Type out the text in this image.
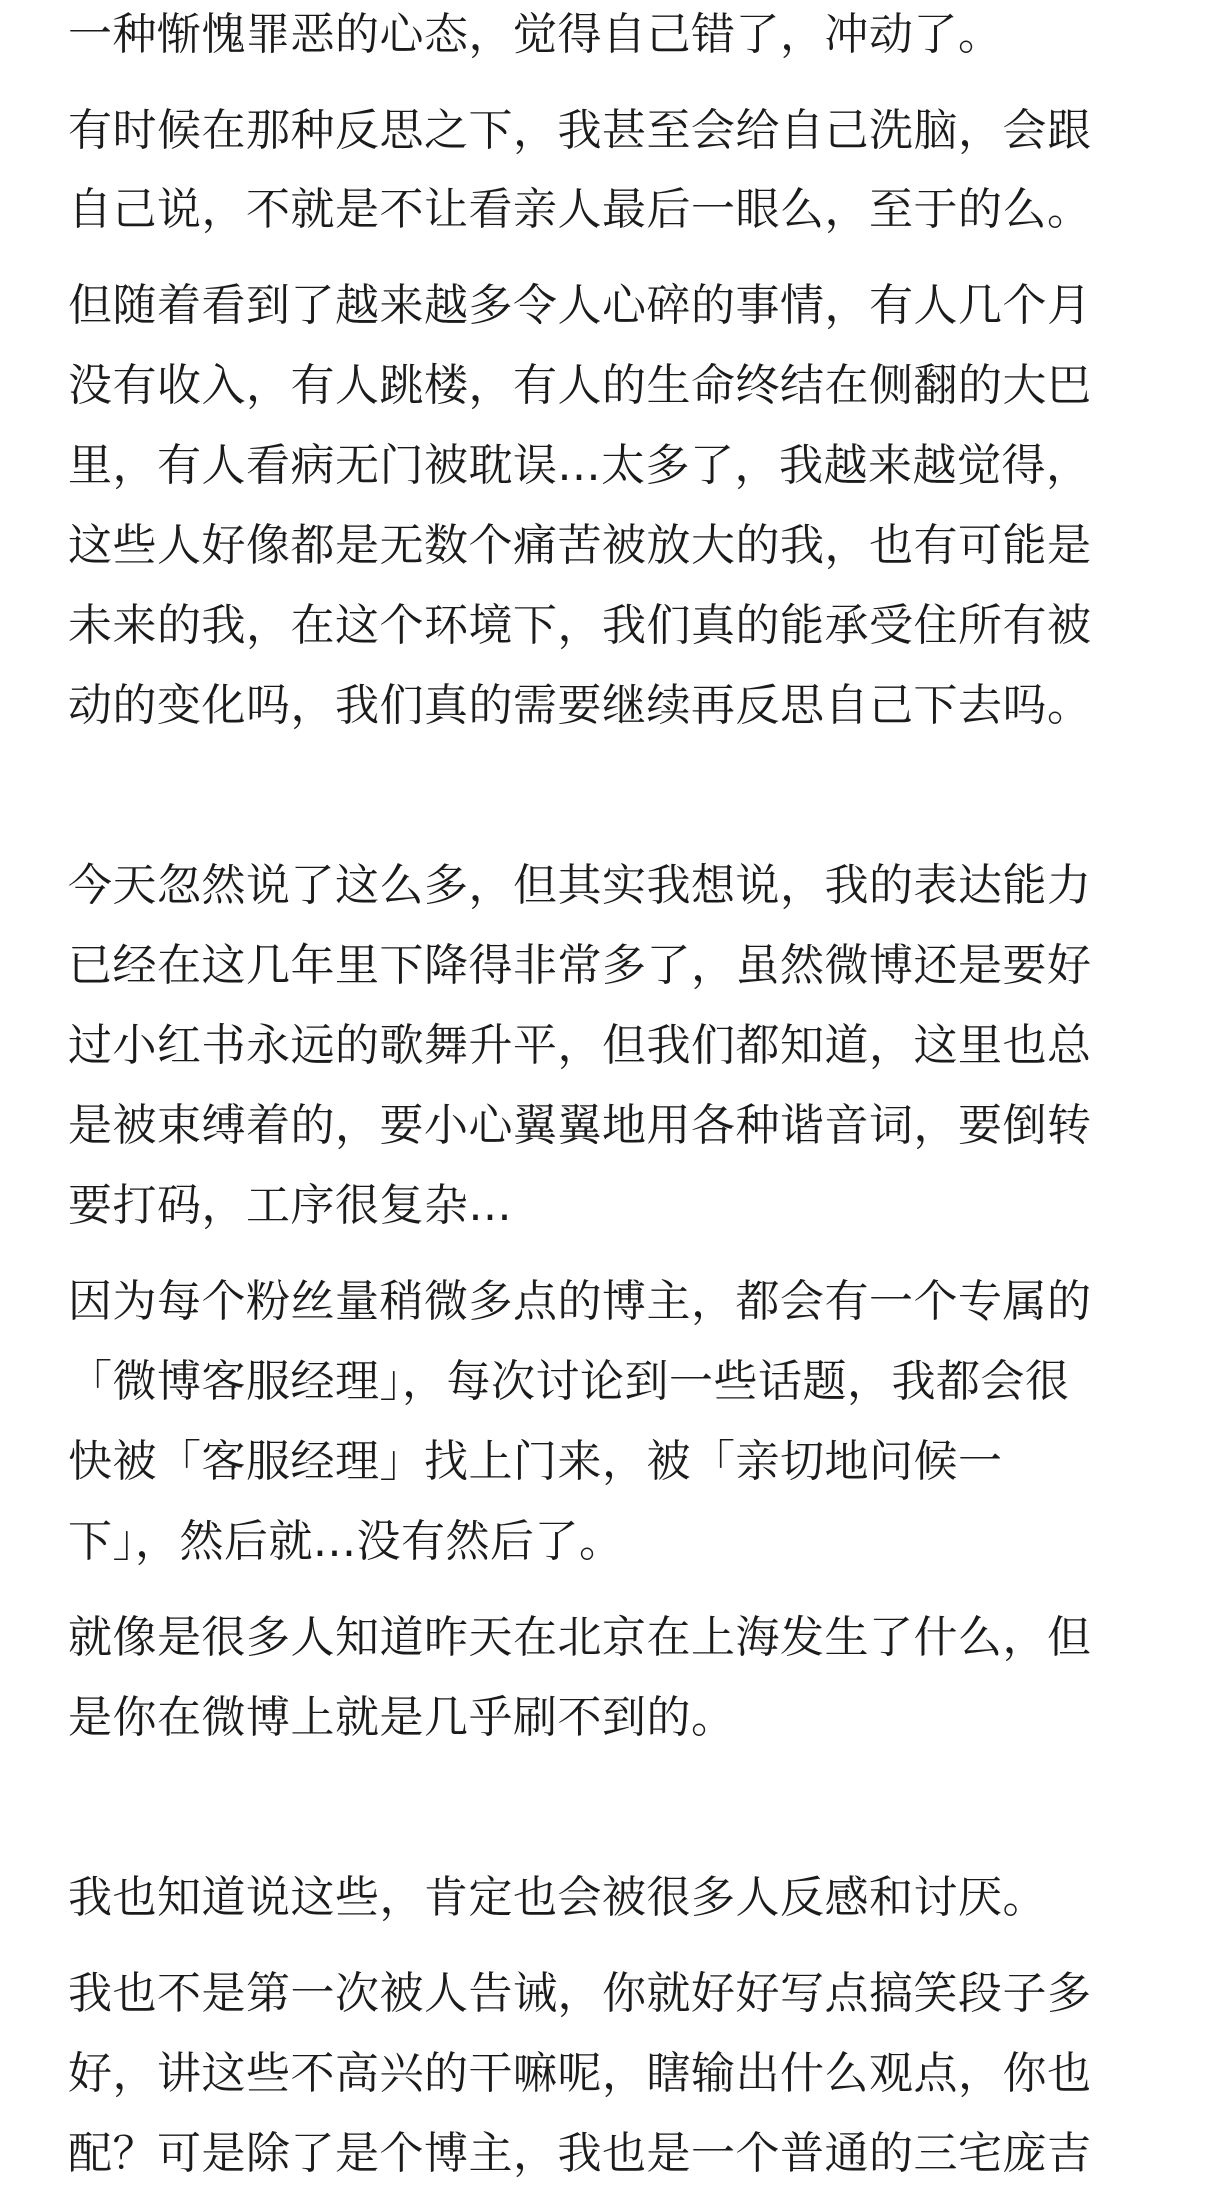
一种惭愧罪恶的心态，觉得自己错了，冲动了。
有时候在那种反思之下，我甚至会给自己洗脑，会跟
自己说，不就是不让看亲人最后一眼么，至于的么。
但随着看到了越来越多令人心碎的事情，有人几个月
没有收入，有人跳楼，有人的生命终结在侧翻的大巴
里，有人看病无门被耽误...太多了，我越来越觉得，
这些人好像都是无数个痛苦被放大的我，也有可能是
未来的我，在这个环境下，我们真的能承受住所有被
动的变化吗，我们真的需要继续再反思自己下去吗。
今天忽然说了这么多，但其实我想说，我的表达能力
已经在这几年里下降得非常多了，虽然微博还是要好
过小红书永远的歌舞升平，但我们都知道，这里也总
是被束缚着的，要小心翼翼地用各种谐音词，要倒转
要打码，工序很复杂...
因为每个粉丝量稍微多点的博主，都会有一个专属的
「微博客服经理」，每次讨论到一些话题，我都会很
快被「客服经理」找上门来，被「亲切地问候一
下」，然后就...没有然后了。
就像是很多人知道昨天在北京在上海发生了什么，但
是你在微博上就是几乎刷不到的。
我也知道说这些，肯定也会被很多人反感和讨厌。
我也不是第一次被人告诫，你就好好写点搞笑段子多
好，讲这些不高兴的干嘛呢，瞎输出什么观点，你也
配？可是除了是个博主，我也是一个普通的三宅庞吉
